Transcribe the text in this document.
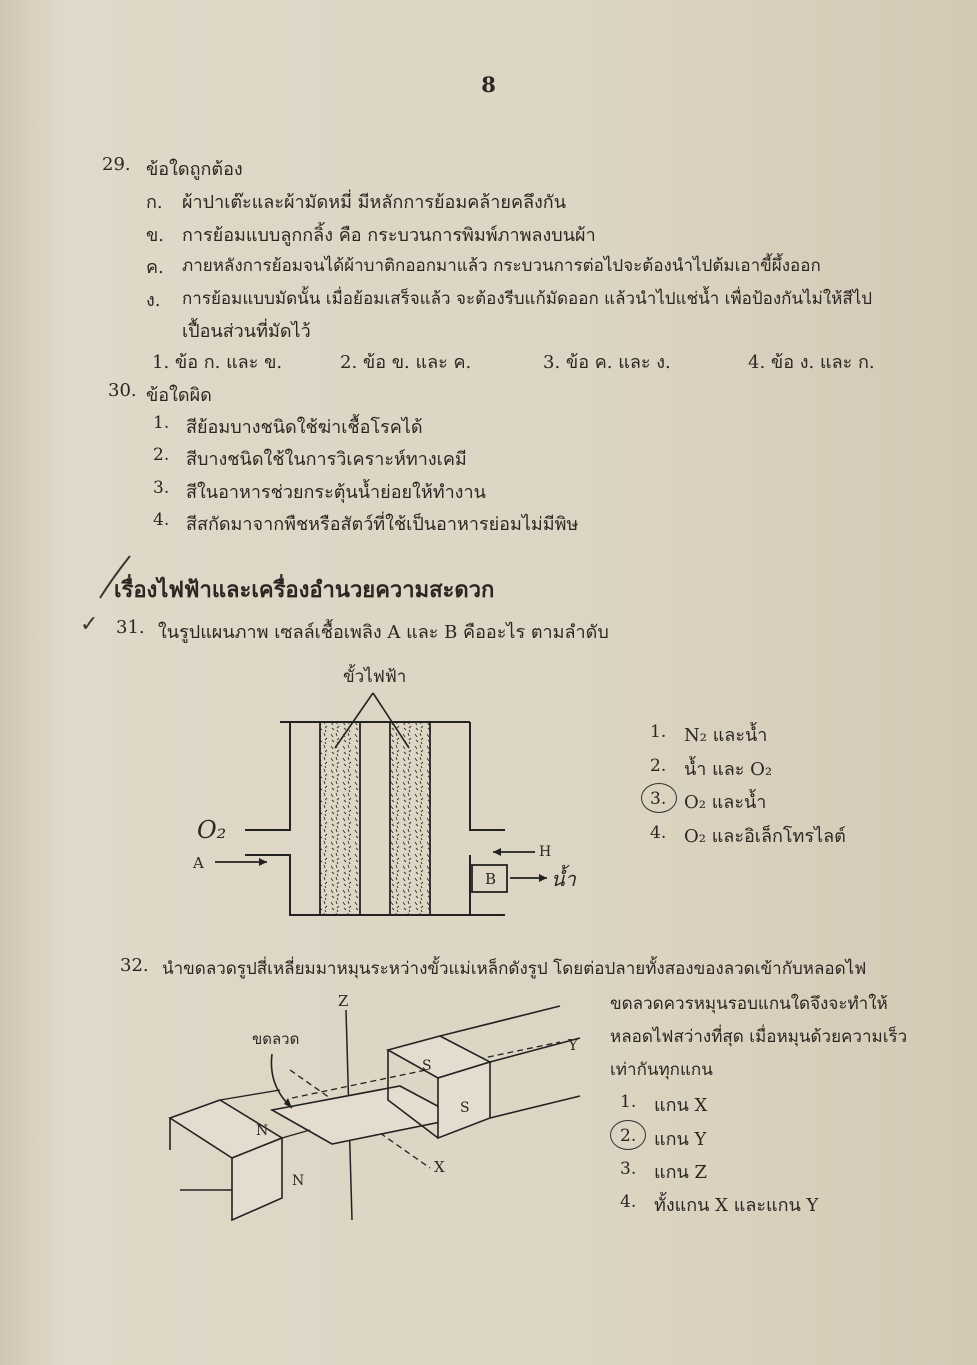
8
29. ข้อใดถูกต้อง
ก. ผ้าปาเต๊ะและผ้ามัดหมี่ มีหลักการย้อมคล้ายคลึงกัน
ข. การย้อมแบบลูกกลิ้ง คือ กระบวนการพิมพ์ภาพลงบนผ้า
ค. ภายหลังการย้อมจนได้ผ้าบาติกออกมาแล้ว กระบวนการต่อไปจะต้องนำไปต้มเอาขี้ผึ้งออก
ง. การย้อมแบบมัดนั้น เมื่อย้อมเสร็จแล้ว จะต้องรีบแก้มัดออก แล้วนำไปแช่น้ำ เพื่อป้องกันไม่ให้สีไป
เปื้อนส่วนที่มัดไว้
1. ข้อ ก. และ ข.	2. ข้อ ข. และ ค.	3. ข้อ ค. และ ง.	4. ข้อ ง. และ ก.
30. ข้อใดผิด
1. สีย้อมบางชนิดใช้ฆ่าเชื้อโรคได้
2. สีบางชนิดใช้ในการวิเคราะห์ทางเคมี
3. สีในอาหารช่วยกระตุ้นน้ำย่อยให้ทำงาน
4. สีสกัดมาจากพืชหรือสัตว์ที่ใช้เป็นอาหารย่อมไม่มีพิษ
เรื่องไฟฟ้าและเครื่องอำนวยความสะดวก
✓ 31. ในรูปแผนภาพ เซลล์เชื้อเพลิง A และ B คืออะไร ตามลำดับ
ขั้วไฟฟ้า
A
B
H
O₂
น้ำ
1. N₂ และน้ำ
2. น้ำ และ O₂
3. O₂ และน้ำ
4. O₂ และอิเล็กโทรไลต์
32. นำขดลวดรูปสี่เหลี่ยมมาหมุนระหว่างขั้วแม่เหล็กดังรูป โดยต่อปลายทั้งสองของลวดเข้ากับหลอดไฟ
ขดลวดควรหมุนรอบแกนใดจึงจะทำให้
หลอดไฟสว่างที่สุด เมื่อหมุนด้วยความเร็ว
เท่ากันทุกแกน
Z
Y
X
N
N
S
S
ขดลวด
1. แกน X
2. แกน Y
3. แกน Z
4. ทั้งแกน X และแกน Y
